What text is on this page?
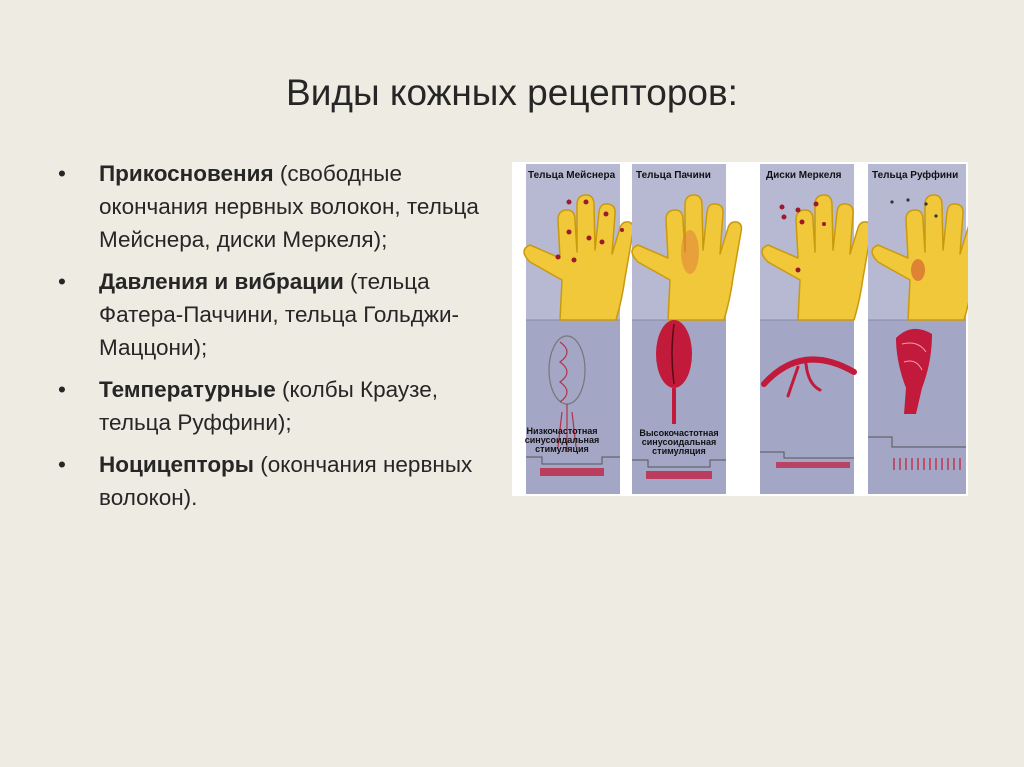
Виды кожных рецепторов:
• Прикосновения (свободные окончания нервных волокон, тельца Мейснера, диски Меркеля);
• Давления и вибрации (тельца Фатера-Паччини, тельца Гольджи-Маццони);
• Температурные (колбы Краузе, тельца Руффини);
• Ноцицепторы (окончания нервных волокон).
Тельца Мейснера
Низкочастотная
синусоидальная
стимуляция
Тельца Пачини
Высокочастотная
синусоидальная
стимуляция
Диски Меркеля	Тельца Руффини
